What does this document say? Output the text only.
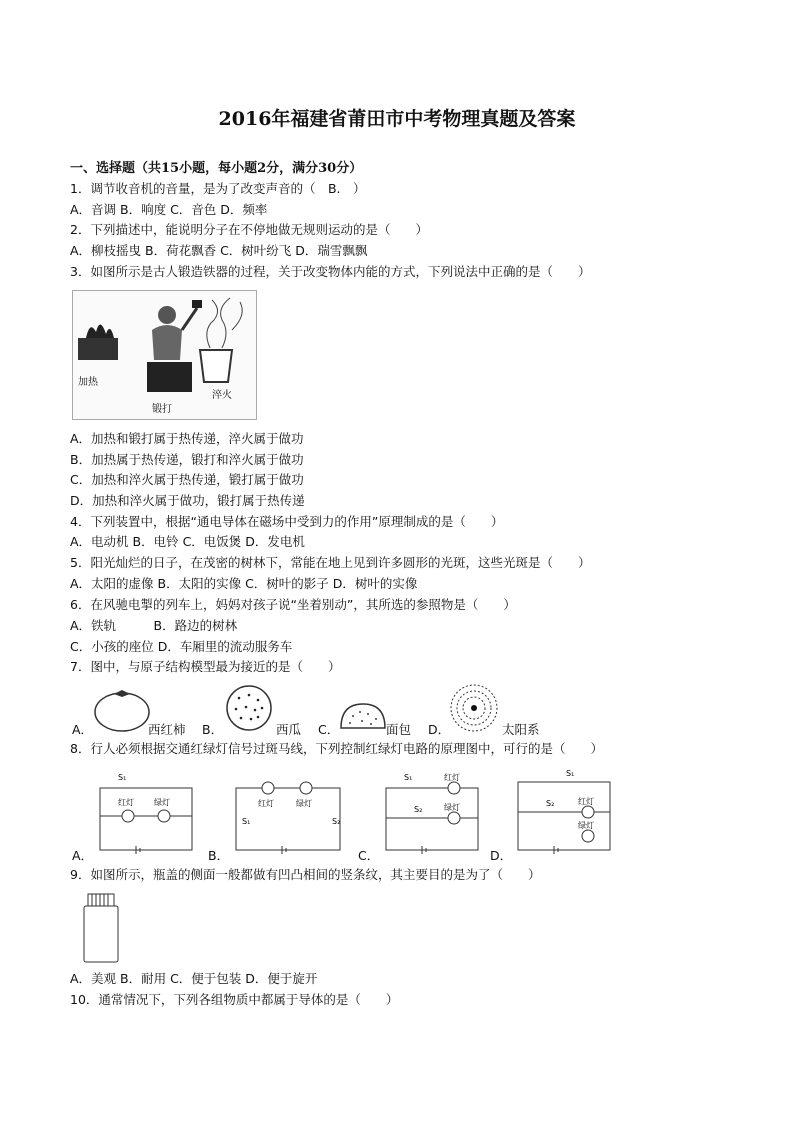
2016年福建省莆田市中考物理真题及答案
一、选择题（共15小题，每小题2分，满分30分）
1．调节收音机的音量，是为了改变声音的（　B.　）
A．音调 B．响度 C．音色 D．频率
2．下列描述中，能说明分子在不停地做无规则运动的是（　　）
A．柳枝摇曳 B．荷花飘香 C．树叶纷飞 D．瑞雪飘飘
3．如图所示是古人锻造铁器的过程，关于改变物体内能的方式，下列说法中正确的是（　　）
加热
锻打
淬火
A．加热和锻打属于热传递，淬火属于做功
B．加热属于热传递，锻打和淬火属于做功
C．加热和淬火属于热传递，锻打属于做功
D．加热和淬火属于做功，锻打属于热传递
4．下列装置中，根据“通电导体在磁场中受到力的作用”原理制成的是（　　）
A．电动机 B．电铃 C．电饭煲 D．发电机
5．阳光灿烂的日子，在茂密的树林下，常能在地上见到许多圆形的光斑，这些光斑是（　　）
A．太阳的虚像 B．太阳的实像 C．树叶的影子 D．树叶的实像
6．在风驰电掣的列车上，妈妈对孩子说“坐着别动”，其所选的参照物是（　　）
A．铁轨　　　B．路边的树林
C．小孩的座位 D．车厢里的流动服务车
7．图中，与原子结构模型最为接近的是（　　）
A．	西红柿 B．	西瓜 C．	面包 D．	太阳系
8．行人必须根据交通红绿灯信号过斑马线，下列控制红绿灯电路的原理图中，可行的是（　　）
A．
红灯	绿灯
S₁
B．
红灯	绿灯
S₁	S₂
C．
红灯
绿灯
S₁
S₂
D．
红灯
绿灯
S₁
S₂
9．如图所示，瓶盖的侧面一般都做有凹凸相间的竖条纹，其主要目的是为了（　　）
A．美观 B．耐用 C．便于包装 D．便于旋开
10．通常情况下，下列各组物质中都属于导体的是（　　）
